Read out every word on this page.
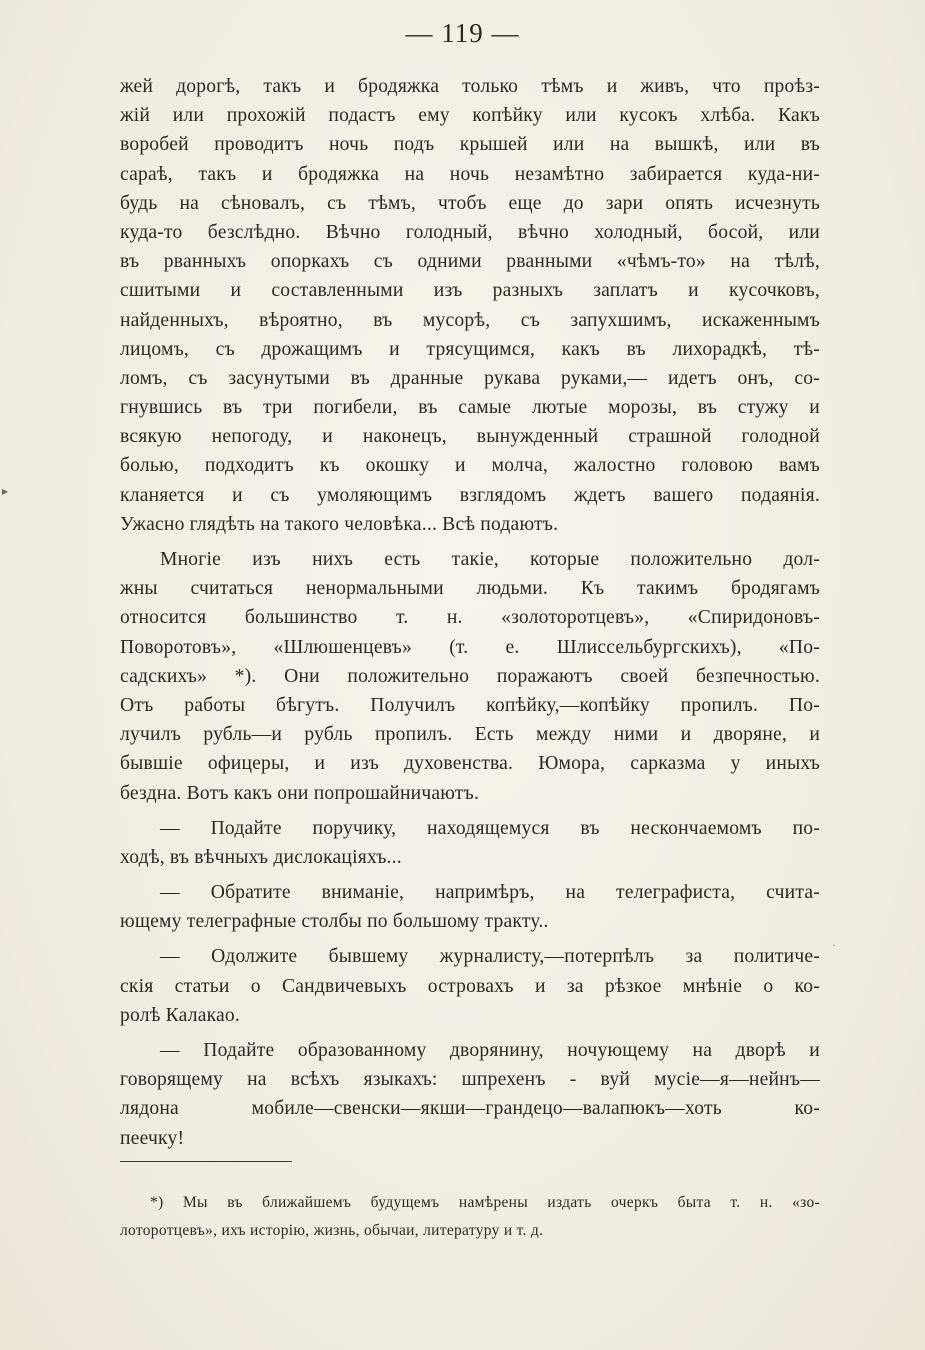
— 119 —
жей дорогѣ, такъ и бродяжка только тѣмъ и живъ, что проѣз-
жiй или прохожiй подастъ ему копѣйку или кусокъ хлѣба. Какъ
воробей проводитъ ночь подъ крышей или на вышкѣ, или въ
сараѣ, такъ и бродяжка на ночь незамѣтно забирается куда-ни-
будь на сѣновалъ, съ тѣмъ, чтобъ еще до зари опять исчезнуть
куда-то безслѣдно. Вѣчно голодный, вѣчно холодный, босой, или
въ рванныхъ опоркахъ съ одними рванными «чѣмъ-то» на тѣлѣ,
сшитыми и составленными изъ разныхъ заплатъ и кусочковъ,
найденныхъ, вѣроятно, въ мусорѣ, съ запухшимъ, искаженнымъ
лицомъ, съ дрожащимъ и трясущимся, какъ въ лихорадкѣ, тѣ-
ломъ, съ засунутыми въ дранные рукава руками,— идетъ онъ, со-
гнувшись въ три погибели, въ самые лютые морозы, въ стужу и
всякую непогоду, и наконецъ, вынужденный страшной голодной
болью, подходитъ къ окошку и молча, жалостно головою вамъ
кланяется и съ умоляющимъ взглядомъ ждетъ вашего подаянiя.
Ужасно глядѣть на такого человѣка... Всѣ подаютъ.
Многiе изъ нихъ есть такiе, которые положительно дол-
жны считаться ненормальными людьми. Къ такимъ бродягамъ
относится большинство т. н. «золоторотцевъ», «Спиридоновъ-
Поворотовъ», «Шлюшенцевъ» (т. е. Шлиссельбургскихъ), «По-
садскихъ» *). Они положительно поражаютъ своей безпечностью.
Отъ работы бѣгутъ. Получилъ копѣйку,—копѣйку пропилъ. По-
лучилъ рубль—и рубль пропилъ. Есть между ними и дворяне, и
бывшiе офицеры, и изъ духовенства. Юмора, сарказма у иныхъ
бездна. Вотъ какъ они попрошайничаютъ.
— Подайте поручику, находящемуся въ нескончаемомъ по-
ходѣ, въ вѣчныхъ дислокацiяхъ...
— Обратите вниманiе, напримѣръ, на телеграфиста, счита-
ющему телеграфные столбы по большому тракту..
— Одолжите бывшему журналисту,—потерпѣлъ за политиче-
скiя статьи о Сандвичевыхъ островахъ и за рѣзкое мнѣнiе о ко-
ролѣ Калакао.
— Подайте образованному дворянину, ночующему на дворѣ и
говорящему на всѣхъ языкахъ: шпрехенъ - вуй мусiе—я—нейнъ—
лядона мобиле—свенски—якши—грандецо—валапюкъ—хоть ко-
пеечку!
*) Мы въ ближайшемъ будущемъ намѣрены издать очеркъ быта т. н. «зо-
лоторотцевъ», ихъ исторiю, жизнь, обычаи, литературу и т. д.
▸
·
